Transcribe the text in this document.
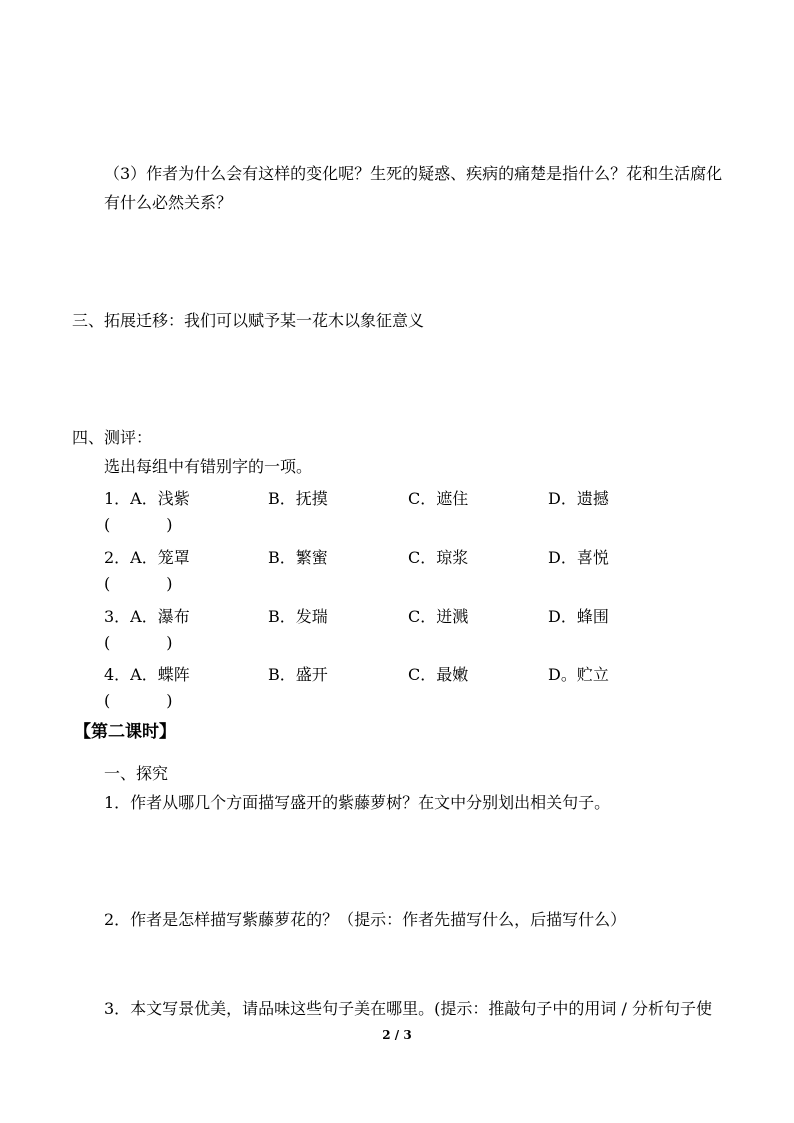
（3）作者为什么会有这样的变化呢？生死的疑惑、疾病的痛楚是指什么？花和生活腐化
有什么必然关系？
三、拓展迁移：我们可以赋予某一花木以象征意义
四、测评：
选出每组中有错别字的一项。
1．A．浅紫	B．抚摸	C．遮住	D．遗撼
(           )
2．A．笼罩	B．繁蜜	C．琼浆	D．喜悦
(           )
3．A．瀑布	B．发瑞	C．迸溅	D．蜂围
(           )
4．A．蝶阵	B．盛开	C．最嫩	D。贮立
(           )
【第二课时】
一、探究
1．作者从哪几个方面描写盛开的紫藤萝树？在文中分别划出相关句子。
2．作者是怎样描写紫藤萝花的？（提示：作者先描写什么，后描写什么）
3．本文写景优美，请品味这些句子美在哪里。(提示：推敲句子中的用词 / 分析句子使
2 / 3
